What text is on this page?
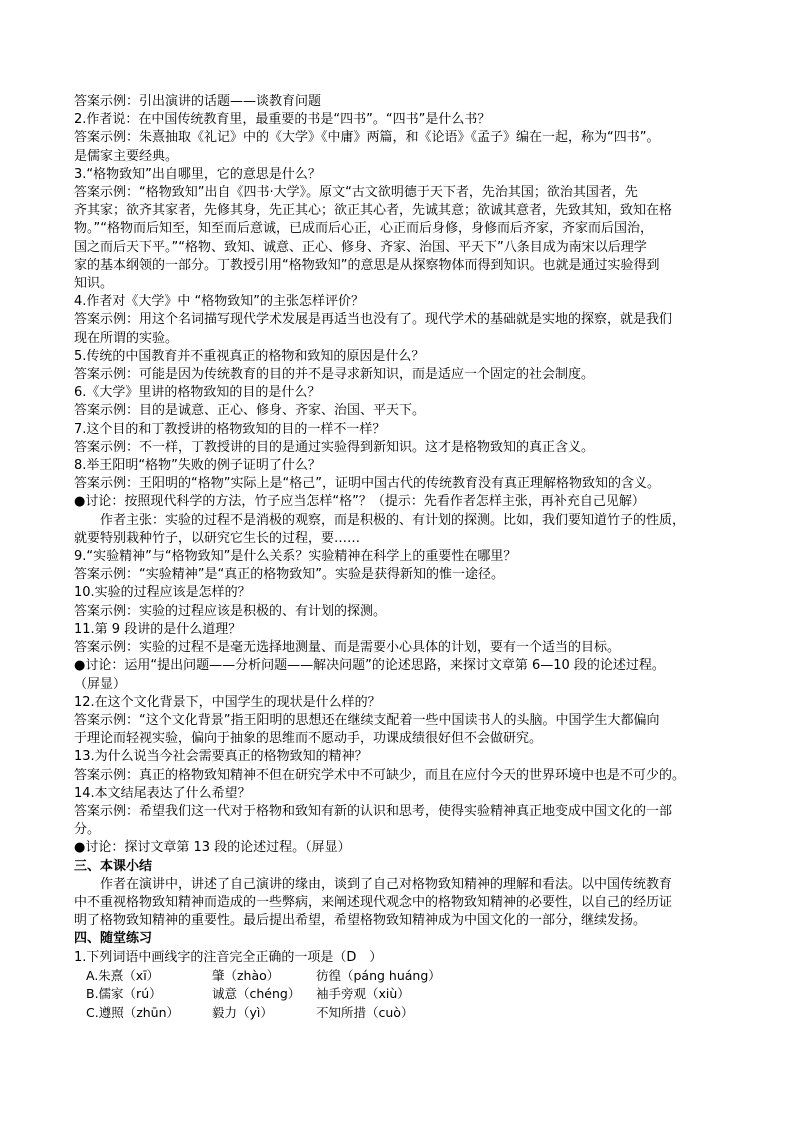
答案示例：引出演讲的话题——谈教育问题
2.作者说：在中国传统教育里，最重要的书是“四书”。“四书”是什么书？
答案示例：朱熹抽取《礼记》中的《大学》《中庸》两篇，和《论语》《孟子》编在一起，称为“四书”。
是儒家主要经典。
3.“格物致知”出自哪里，它的意思是什么？
答案示例：“格物致知”出自《四书·大学》。原文“古文欲明德于天下者，先治其国；欲治其国者，先
齐其家；欲齐其家者，先修其身，先正其心；欲正其心者，先诚其意；欲诚其意者，先致其知，致知在格
物。”“格物而后知至，知至而后意诚，已成而后心正，心正而后身修，身修而后齐家，齐家而后国治，
国之而后天下平。”“格物、致知、诚意、正心、修身、齐家、治国、平天下”八条目成为南宋以后理学
家的基本纲领的一部分。丁教授引用“格物致知”的意思是从探察物体而得到知识。也就是通过实验得到
知识。
4.作者对《大学》中 “格物致知”的主张怎样评价？
答案示例：用这个名词描写现代学术发展是再适当也没有了。现代学术的基础就是实地的探察，就是我们
现在所谓的实验。
5.传统的中国教育并不重视真正的格物和致知的原因是什么？
答案示例：可能是因为传统教育的目的并不是寻求新知识，而是适应一个固定的社会制度。
6.《大学》里讲的格物致知的目的是什么？
答案示例：目的是诚意、正心、修身、齐家、治国、平天下。
7.这个目的和丁教授讲的格物致知的目的一样不一样？
答案示例：不一样，丁教授讲的目的是通过实验得到新知识。这才是格物致知的真正含义。
8.举王阳明“格物”失败的例子证明了什么？
答案示例：王阳明的“格物”实际上是“格己”，证明中国古代的传统教育没有真正理解格物致知的含义。
●讨论：按照现代科学的方法，竹子应当怎样“格”？（提示：先看作者怎样主张，再补充自己见解）
作者主张：实验的过程不是消极的观察，而是积极的、有计划的探测。比如，我们要知道竹子的性质，
就要特别栽种竹子，以研究它生长的过程，要……
9.“实验精神”与“格物致知”是什么关系？实验精神在科学上的重要性在哪里？
答案示例：“实验精神”是“真正的格物致知”。实验是获得新知的惟一途径。
10.实验的过程应该是怎样的？
答案示例：实验的过程应该是积极的、有计划的探测。
11.第 9 段讲的是什么道理？
答案示例：实验的过程不是毫无选择地测量、而是需要小心具体的计划，要有一个适当的目标。
●讨论：运用“提出问题——分析问题——解决问题”的论述思路，来探讨文章第 6—10 段的论述过程。
（屏显）
12.在这个文化背景下，中国学生的现状是什么样的？
答案示例：“这个文化背景”指王阳明的思想还在继续支配着一些中国读书人的头脑。中国学生大都偏向
于理论而轻视实验，偏向于抽象的思维而不愿动手，功课成绩很好但不会做研究。
13.为什么说当今社会需要真正的格物致知的精神？
答案示例：真正的格物致知精神不但在研究学术中不可缺少，而且在应付今天的世界环境中也是不可少的。
14.本文结尾表达了什么希望？
答案示例：希望我们这一代对于格物和致知有新的认识和思考，使得实验精神真正地变成中国文化的一部
分。
●讨论：探讨文章第 13 段的论述过程。（屏显）
三、本课小结
作者在演讲中，讲述了自己演讲的缘由，谈到了自己对格物致知精神的理解和看法。以中国传统教育
中不重视格物致知精神而造成的一些弊病，来阐述现代观念中的格物致知精神的必要性，以自己的经历证
明了格物致知精神的重要性。最后提出希望，希望格物致知精神成为中国文化的一部分，继续发扬。
四、随堂练习
1.下列词语中画线字的注音完全正确的一项是（D　）
A.朱熹（xī）	肇（zhào）	彷徨（páng huáng）
B.儒家（rú）	诚意（chéng） 袖手旁观（xiù）
C.遵照（zhūn）	毅力（yì）	不知所措（cuò）
